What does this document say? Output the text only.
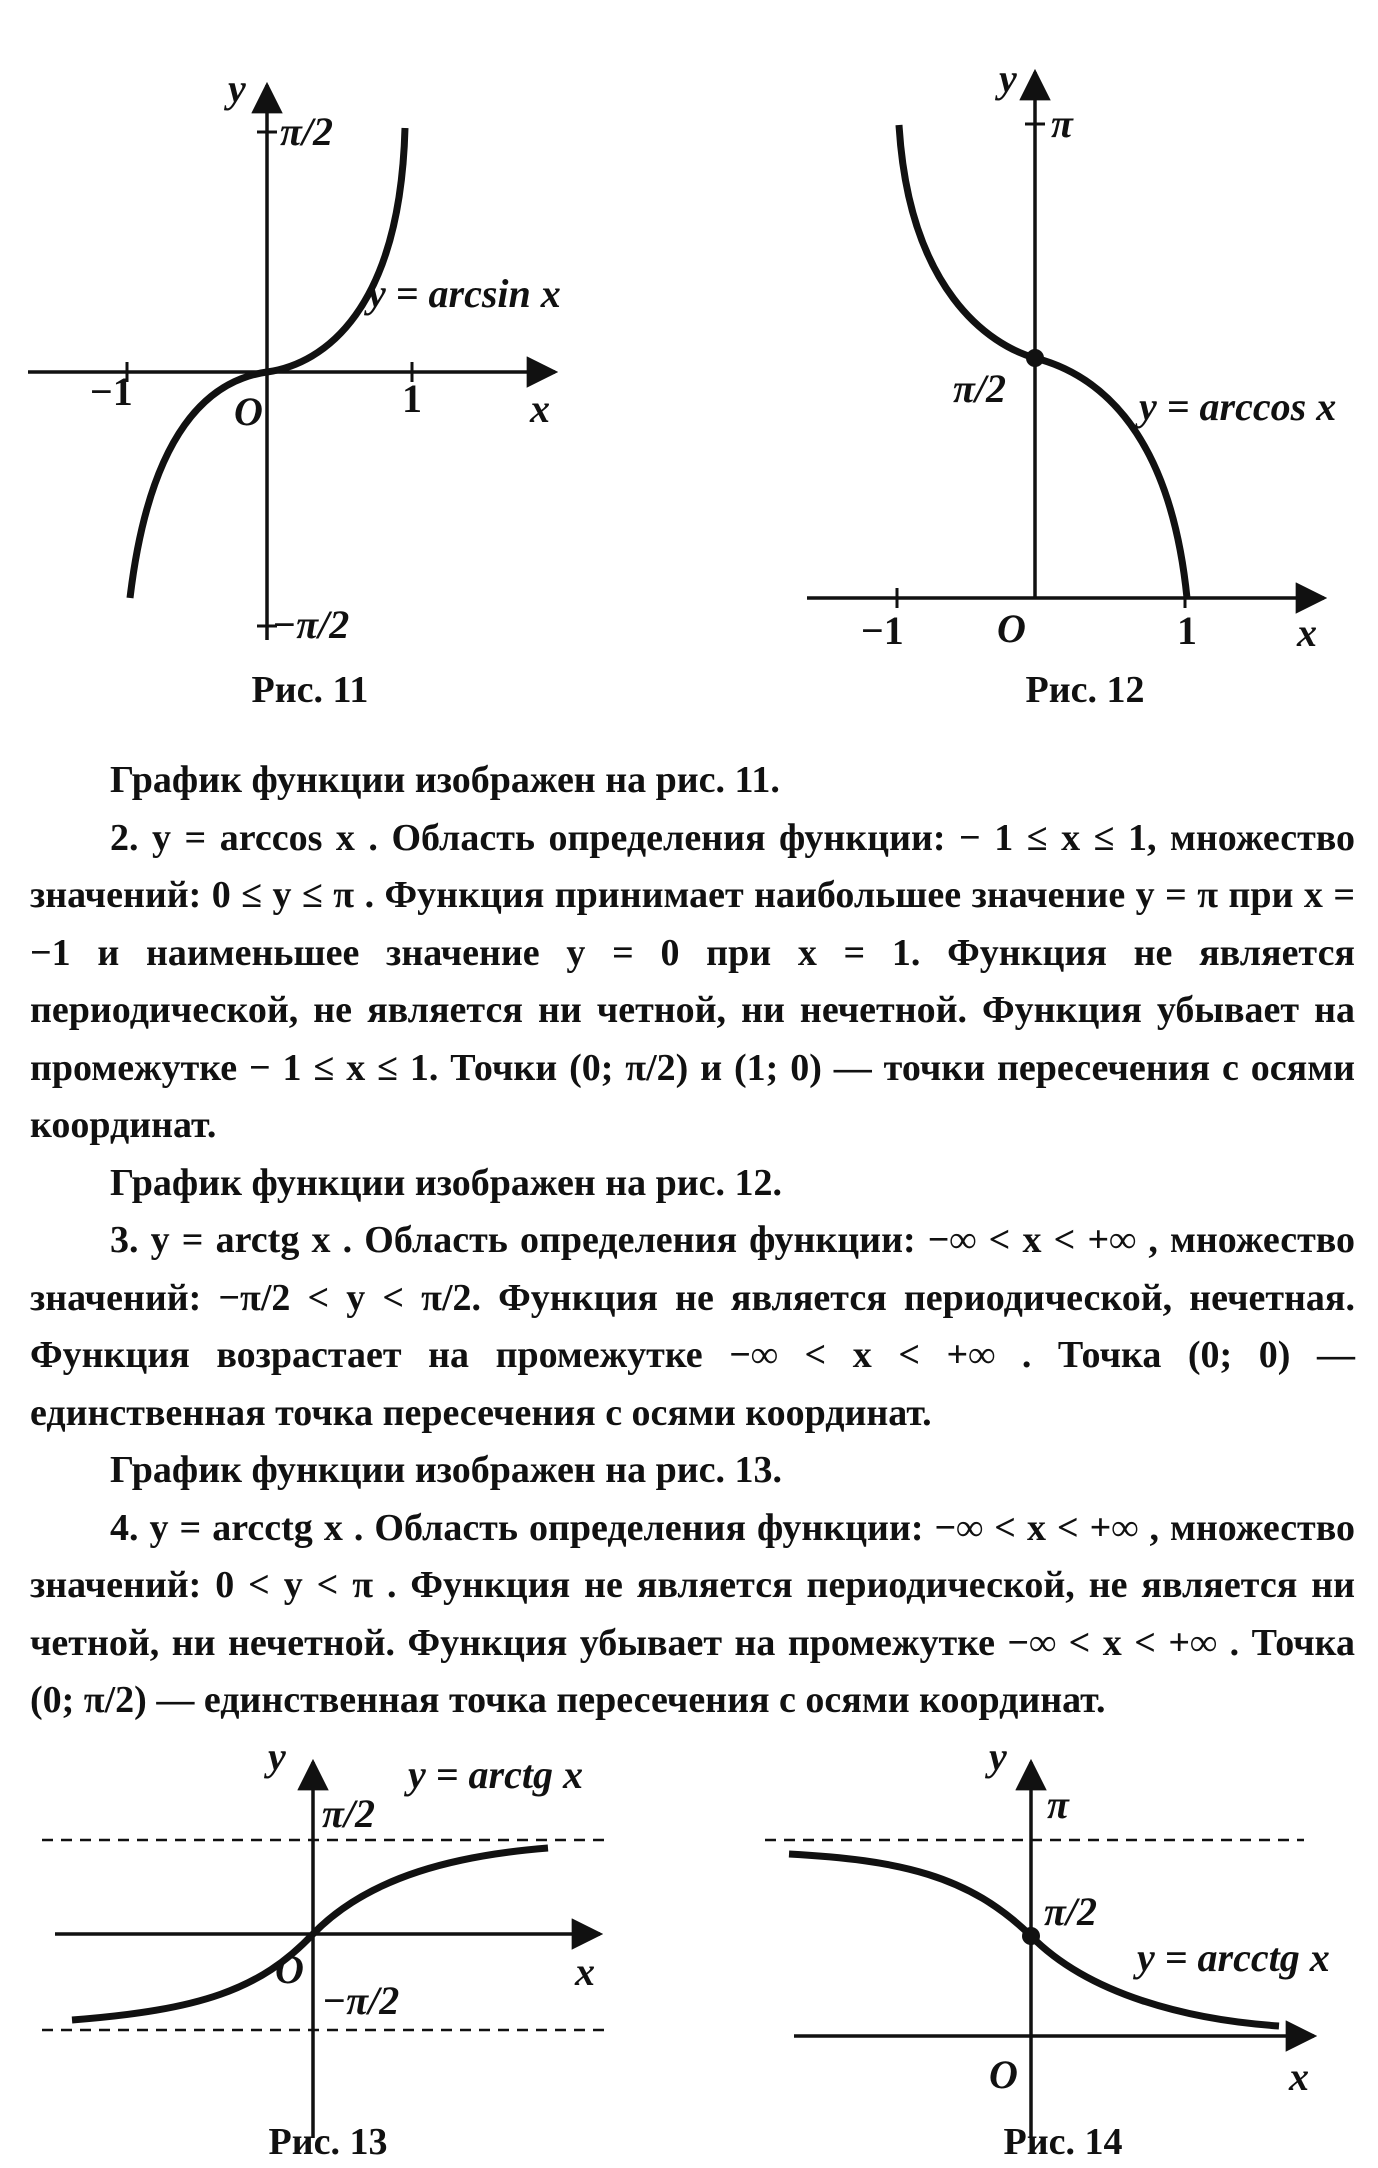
y
x
O
−1	1
π/2
−π/2
y = arcsin x
Рис. 11
y
x
O
−1	1
π
π/2	y = arccos x
Рис. 12

График функции изображен на рис. 11.

2. y = arccos x . Область определения функции: − 1 ≤ x ≤ 1, множество значений: 0 ≤ y ≤ π . Функция принимает наибольшее значение y = π при x = −1 и наименьшее значение y = 0 при x = 1. Функция не является периодической, не является ни четной, ни нечетной. Функция убывает на промежутке − 1 ≤ x ≤ 1. Точки (0; π/2) и (1; 0) — точки пересечения с осями координат.

График функции изображен на рис. 12.

3. y = arctg x . Область определения функции: −∞ < x < +∞ , множество значений: −π/2 < y < π/2. Функция не является периодической, нечетная. Функция возрастает на промежутке −∞ < x < +∞ . Точка (0; 0) — единственная точка пересечения с осями координат.

График функции изображен на рис. 13.

4. y = arcctg x . Область определения функции: −∞ < x < +∞ , множество значений: 0 < y < π . Функция не является периодической, не является ни четной, ни нечетной. Функция убывает на промежутке −∞ < x < +∞ . Точка (0; π/2) — единственная точка пересечения с осями координат.

y
x
O
π/2
−π/2
y = arctg x
Рис. 13
y
x
O
π
π/2
y = arcctg x
Рис. 14
